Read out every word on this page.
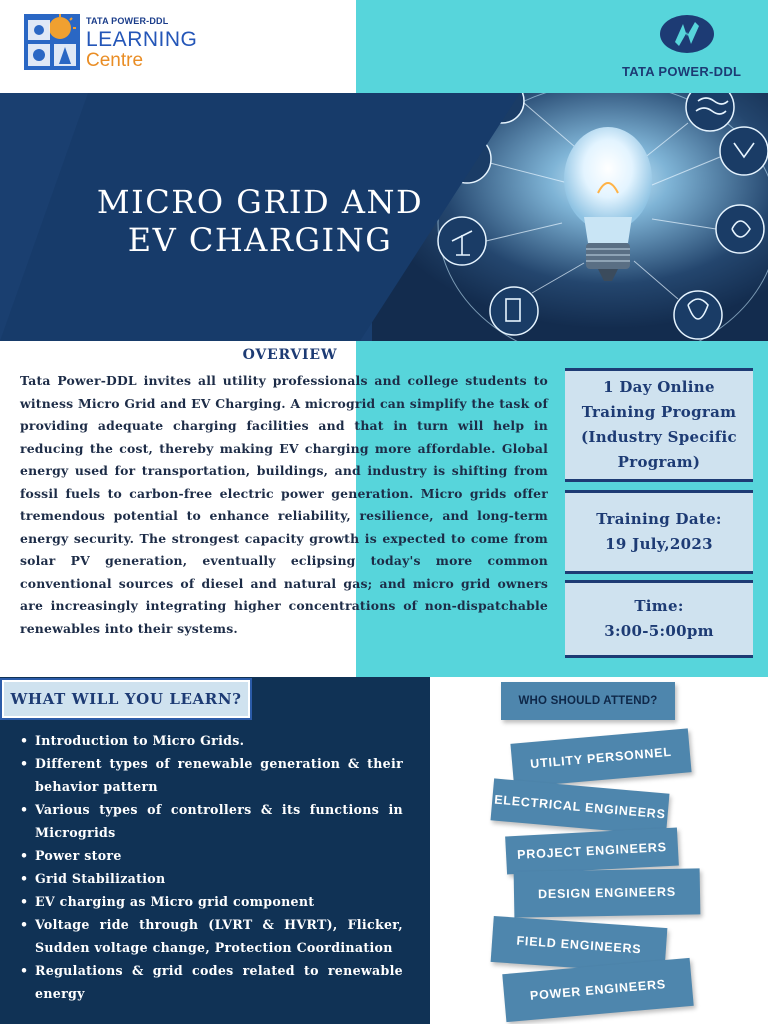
TATA POWER-DDL
LEARNING
Centre
TATA POWER-DDL
MICRO GRID AND
EV CHARGING
OVERVIEW
Tata Power-DDL invites all utility professionals and college students to witness Micro Grid and EV Charging. A microgrid can simplify the task of providing adequate charging facilities and that in turn will help in reducing the cost, thereby making EV charging more affordable. Global energy used for transportation, buildings, and industry is shifting from fossil fuels to carbon-free electric power generation. Micro grids offer tremendous potential to enhance reliability, resilience, and long-term energy security. The strongest capacity growth is expected to come from solar PV generation, eventually eclipsing today's more common conventional sources of diesel and natural gas; and micro grid owners are increasingly integrating higher concentrations of non-dispatchable renewables into their systems.
1 Day Online
Training Program
(Industry Specific
Program)
Training Date:
19 July,2023
Time:
3:00-5:00pm
WHAT WILL YOU LEARN?
• Introduction to Micro Grids.
• Different types of renewable generation & their behavior pattern
• Various types of controllers & its functions in Microgrids
• Power store
• Grid Stabilization
• EV charging as Micro grid component
• Voltage ride through (LVRT & HVRT), Flicker, Sudden voltage change, Protection Coordination
• Regulations & grid codes related to renewable energy
WHO SHOULD ATTEND?
UTILITY PERSONNEL
ELECTRICAL ENGINEERS
PROJECT ENGINEERS
DESIGN ENGINEERS
FIELD ENGINEERS
POWER ENGINEERS
